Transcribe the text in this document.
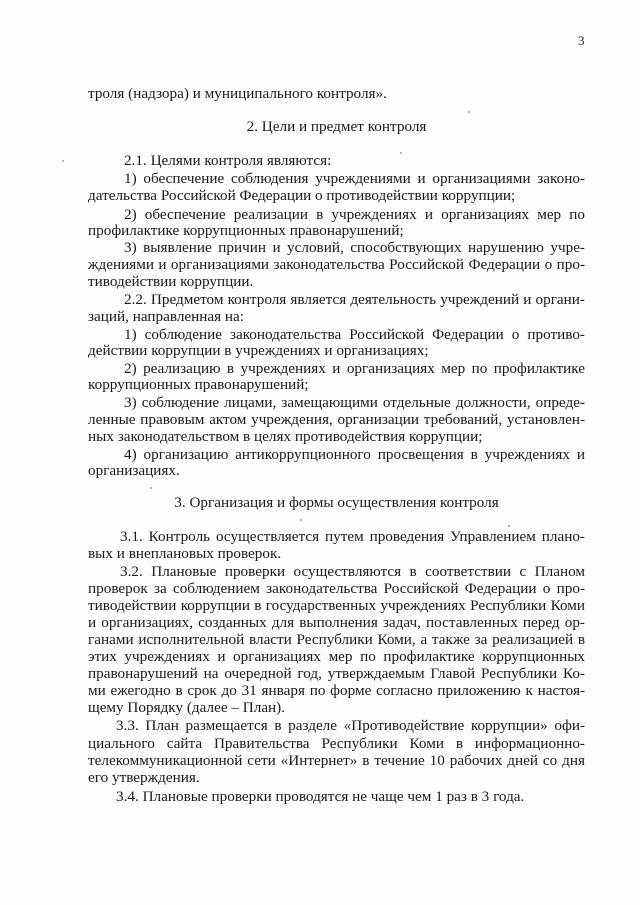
3
троля (надзора) и муниципального контроля».
2. Цели и предмет контроля
2.1. Целями контроля являются:
1) обеспечение соблюдения учреждениями и организациями законо-
дательства Российской Федерации о противодействии коррупции;
2) обеспечение реализации в учреждениях и организациях мер по
профилактике коррупционных правонарушений;
3) выявление причин и условий, способствующих нарушению учре-
ждениями и организациями законодательства Российской Федерации о про-
тиводействии коррупции.
2.2. Предметом контроля является деятельность учреждений и органи-
заций, направленная на:
1) соблюдение законодательства Российской Федерации о противо-
действии коррупции в учреждениях и организациях;
2) реализацию в учреждениях и организациях мер по профилактике
коррупционных правонарушений;
3) соблюдение лицами, замещающими отдельные должности, опреде-
ленные правовым актом учреждения, организации требований, установлен-
ных законодательством в целях противодействия коррупции;
4) организацию антикоррупционного просвещения в учреждениях и
организациях.
3. Организация и формы осуществления контроля
3.1. Контроль осуществляется путем проведения Управлением планo-
вых и внеплановых проверок.
3.2. Плановые проверки осуществляются в соответствии с Планом
проверок за соблюдением законодательства Российской Федерации о про-
тиводействии коррупции в государственных учреждениях Республики Коми
и организациях, созданных для выполнения задач, поставленных перед ор-
ганами исполнительной власти Республики Коми, а также за реализацией в
этих учреждениях и организациях мер по профилактике коррупционных
правонарушений на очередной год, утверждаемым Главой Республики Ко-
ми ежегодно в срок до 31 января по форме согласно приложению к настоя-
щему Порядку (далее – План).
3.3. План размещается в разделе «Противодействие коррупции» офи-
циального сайта Правительства Республики Коми в информационно-
телекоммуникационной сети «Интернет» в течение 10 рабочих дней со дня
его утверждения.
3.4. Плановые проверки проводятся не чаще чем 1 раз в 3 года.
